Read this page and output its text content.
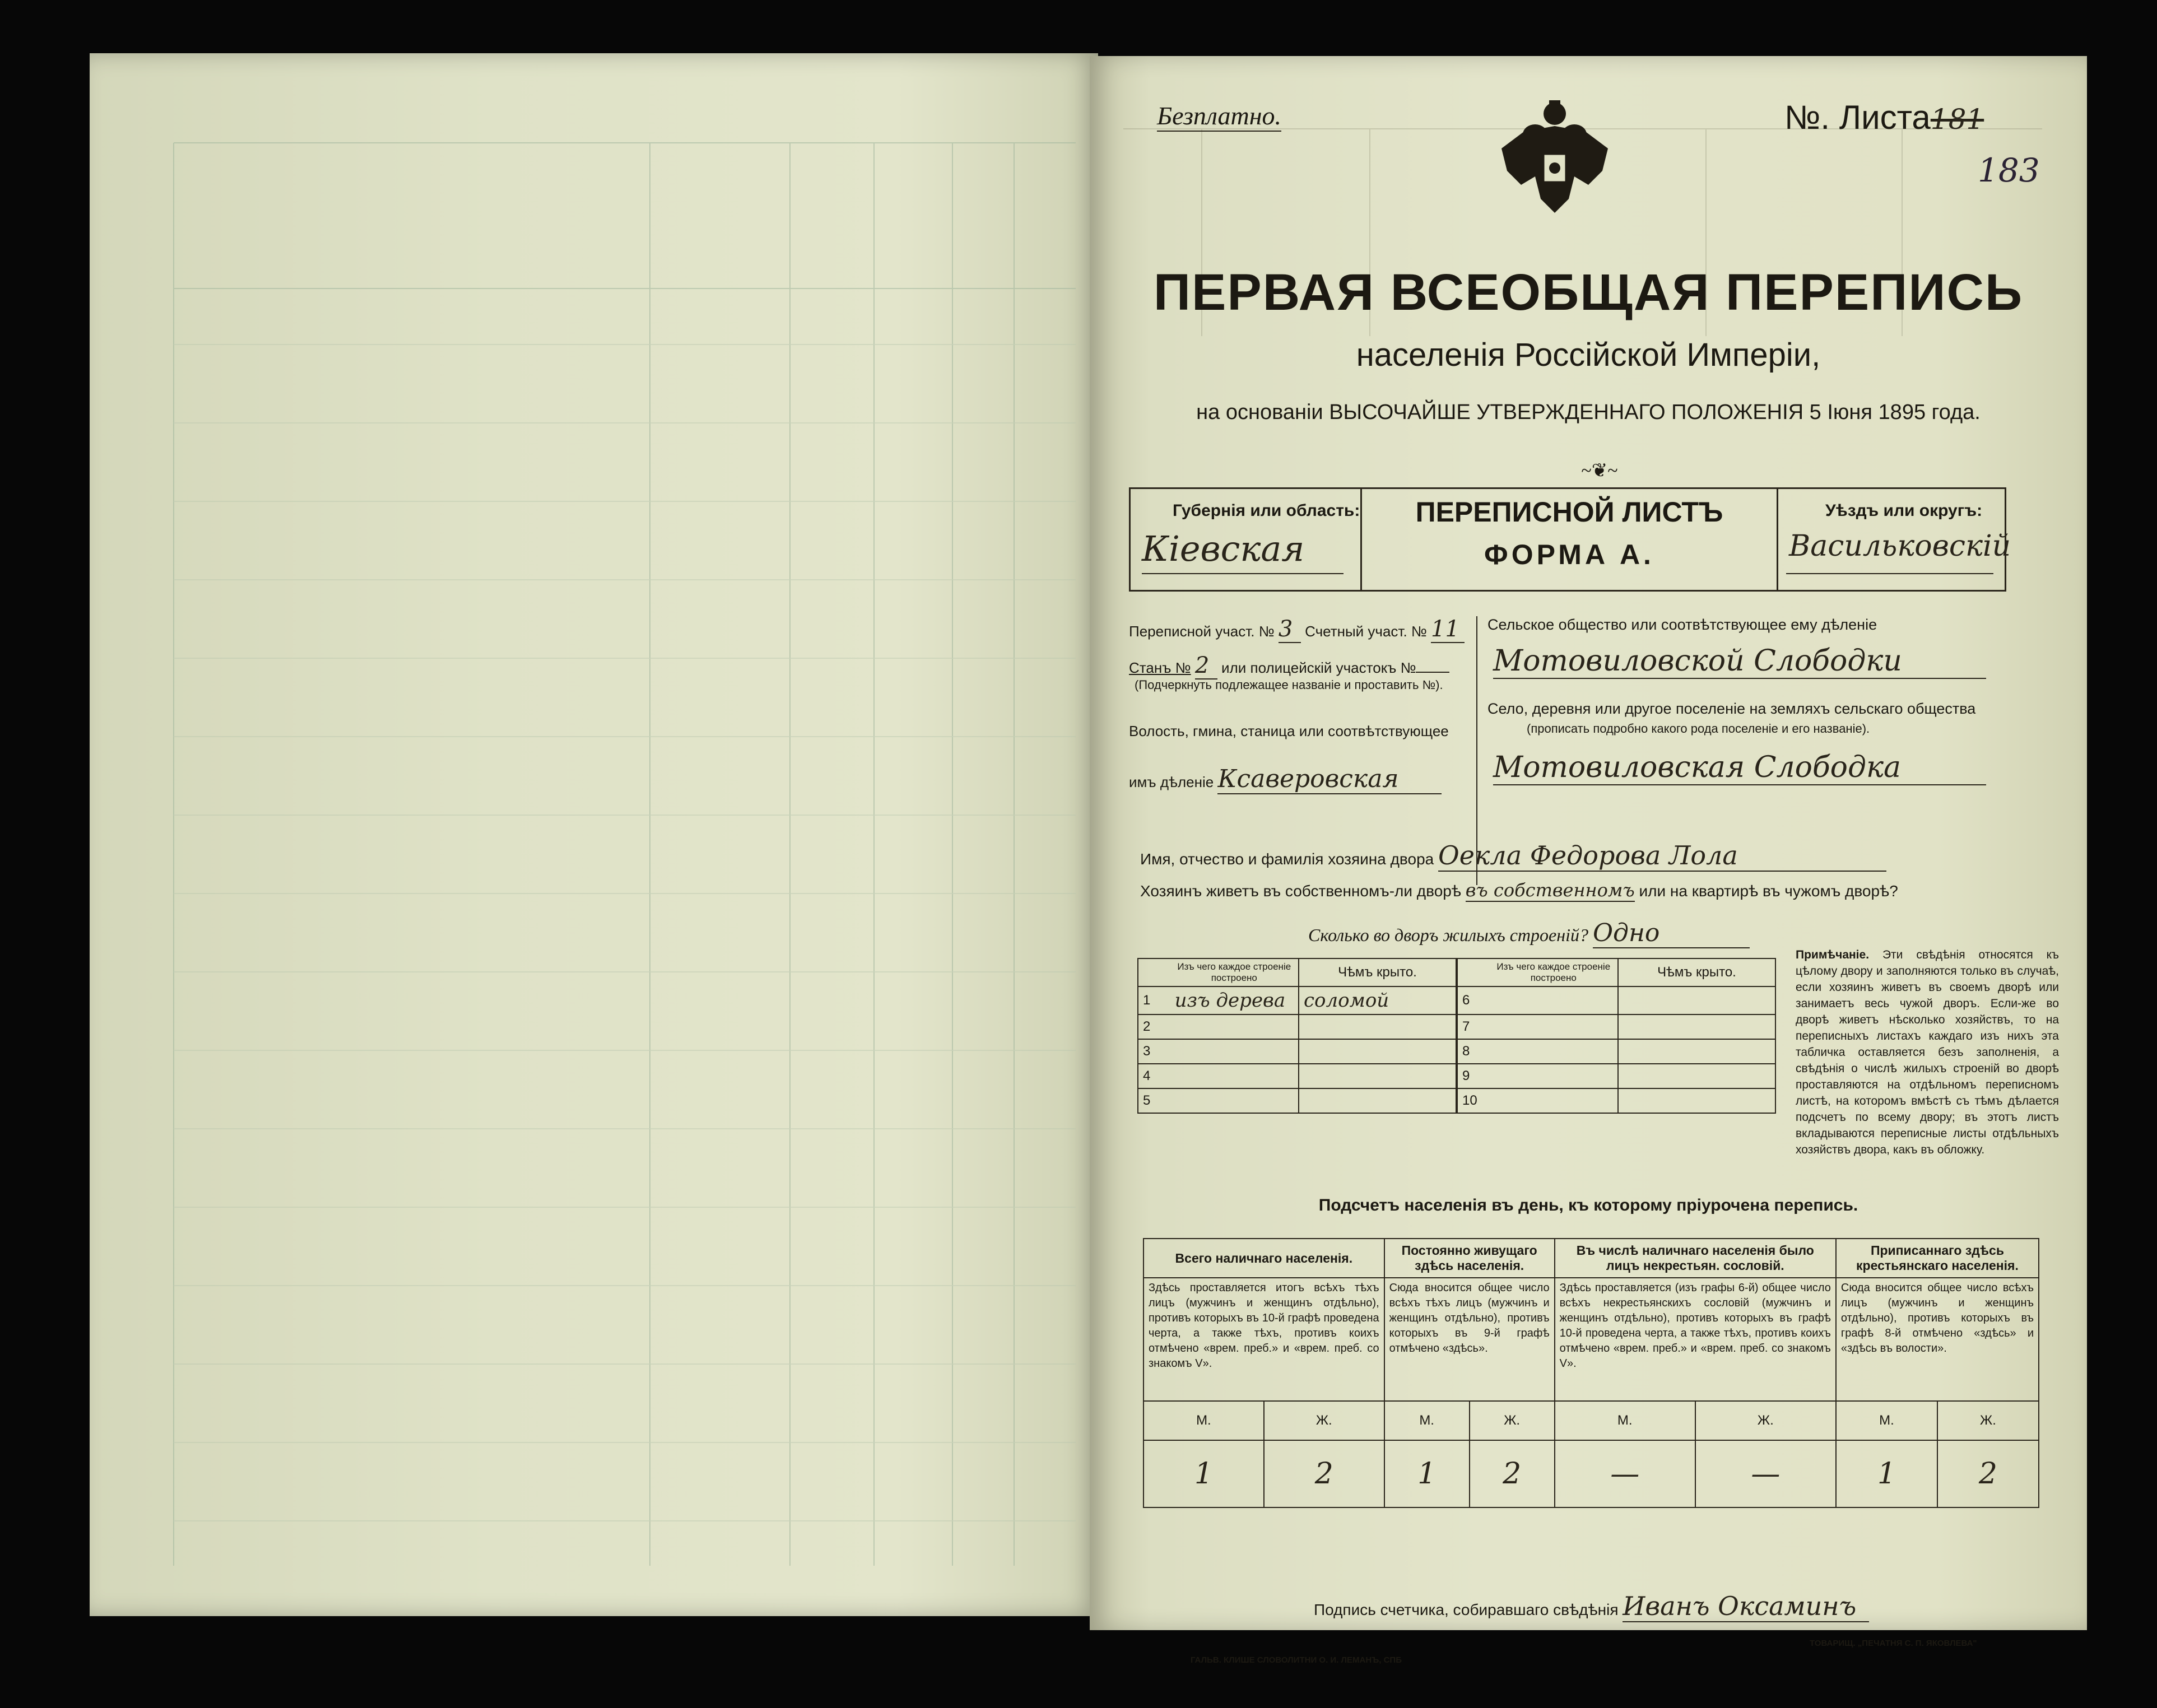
Безплатно.	№. Листа181
183
ПЕРВАЯ ВСЕОБЩАЯ ПЕРЕПИСЬ
населенія Россійской Имперіи,
на основаніи ВЫСОЧАЙШЕ УТВЕРЖДЕННАГО ПОЛОЖЕНІЯ 5 Іюня 1895 года.
~❦~
Губернія или область:
Кіевская
ПЕРЕПИСНОЙ ЛИСТЪ
ФОРМА А.
Уѣздъ или округъ:
Васильковскій
Переписной участ. № 3 Счетный участ. № 11
Станъ № 2 или полицейскій участокъ №
(Подчеркнуть подлежащее названіе и проставить №).
Волость, гмина, станица или соотвѣтствующее
имъ дѣленіе Ксаверовская
Сельское общество или соотвѣтствующее ему дѣленіе
Мотовиловской Слободки
Село, деревня или другое поселеніе на земляхъ сельскаго общества
(прописать подробно какого рода поселеніе и его названіе).
Мотовиловская Слободка
Имя, отчество и фамилія хозяина двора Оекла Федорова Лола
Хозяинъ живетъ въ собственномъ-ли дворѣ въ собственномъ или на квартирѣ въ чужомъ дворѣ?
Сколько во дворъ жилыхъ строеній? Одно
	Изъ чего каждое строеніе построено	Чѣмъ крыто.		Изъ чего каждое строеніе построено	Чѣмъ крыто.
1	изъ дерева	соломой	6		
2			7		
3			8		
4			9		
5			10		
Примѣчаніе. Эти свѣдѣнія относятся къ цѣлому двору и заполняются только въ случаѣ, если хозяинъ живетъ въ своемъ дворѣ или занимаетъ весь чужой дворъ. Если-же во дворѣ живетъ нѣсколько хозяйствъ, то на переписныхъ листахъ каждаго изъ нихъ эта табличка оставляется безъ заполненія, а свѣдѣнія о числѣ жилыхъ строеній во дворѣ проставляются на отдѣльномъ переписномъ листѣ, на которомъ вмѣстѣ съ тѣмъ дѣлается подсчетъ по всему двору; въ этотъ листъ вкладываются переписные листы отдѣльныхъ хозяйствъ двора, какъ въ обложку.
Подсчетъ населенія въ день, къ которому пріурочена перепись.
Всего наличнаго населенія.		Постоянно живущаго здѣсь населенія.		Въ числѣ наличнаго населенія было лицъ некрестьян. сословій.		Приписаннаго здѣсь крестьянскаго населенія.	
Здѣсь проставляется итогъ всѣхъ тѣхъ лицъ (мужчинъ и женщинъ отдѣльно), противъ которыхъ въ 10-й графѣ проведена черта, а также тѣхъ, противъ коихъ отмѣчено «врем. преб.» и «врем. преб. со знакомъ V».		Сюда вносится общее число всѣхъ тѣхъ лицъ (мужчинъ и женщинъ отдѣльно), противъ которыхъ въ 9-й графѣ отмѣчено «здѣсь».		Здѣсь проставляется (изъ графы 6-й) общее число всѣхъ некрестьянскихъ сословій (мужчинъ и женщинъ отдѣльно), противъ которыхъ въ графѣ 10-й проведена черта, а также тѣхъ, противъ коихъ отмѣчено «врем. преб.» и «врем. преб. со знакомъ V».		Сюда вносится общее число всѣхъ лицъ (мужчинъ и женщинъ отдѣльно), противъ которыхъ въ графѣ 8-й отмѣчено «здѣсь» и «здѣсь въ волости».	
М.	Ж.	М.	Ж.	М.	Ж.	М.	Ж.
1	2	1	2	—	—	1	2
Подпись счетчика, собиравшаго свѣдѣнія Иванъ Оксаминъ
ГАЛЬВ. КЛИШЕ СЛОВОЛИТНИ О. И. ЛЕМАНЪ, СПБ
ТОВАРИЩ. „ПЕЧАТНЯ С. П. ЯКОВЛЕВА"
